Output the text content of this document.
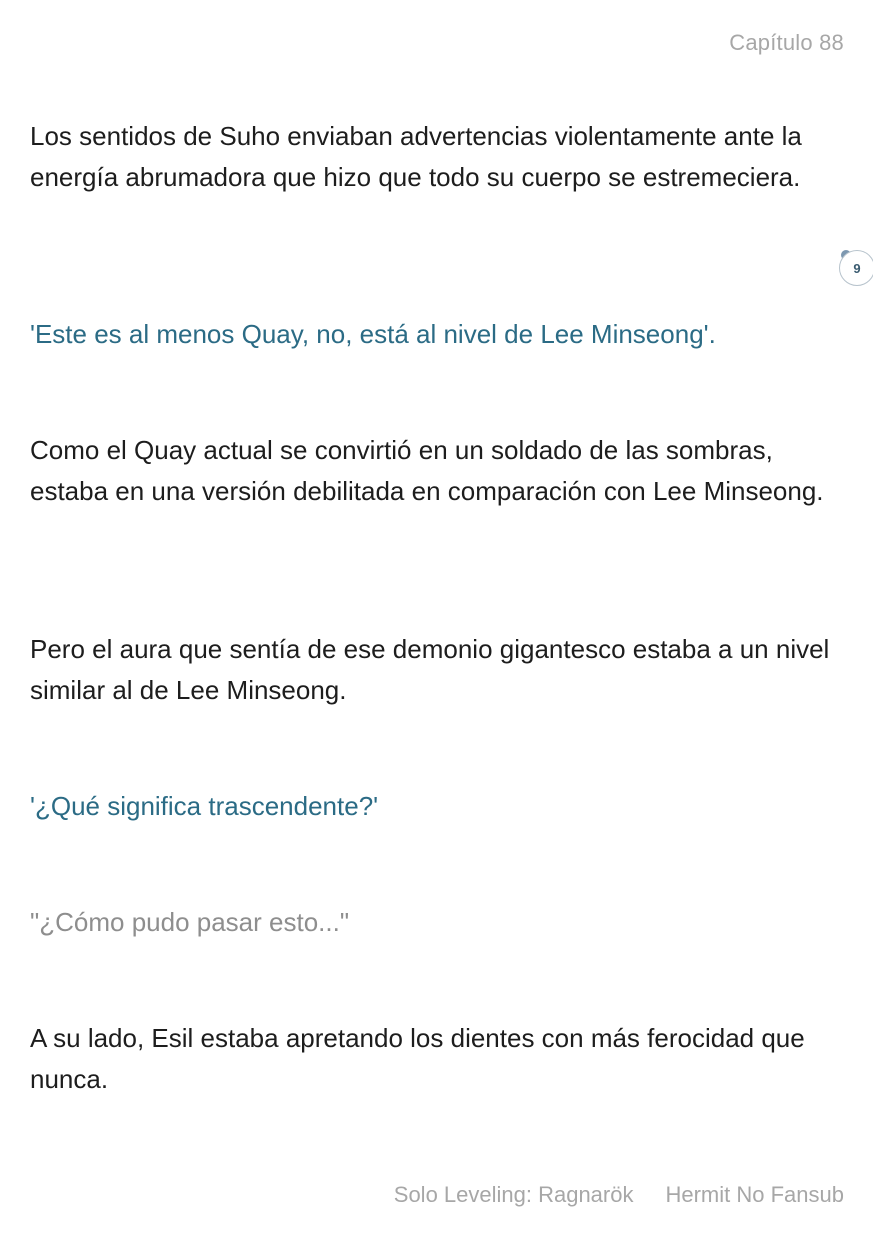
Capítulo 88

Los sentidos de Suho enviaban advertencias violentamente ante la energía abrumadora que hizo que todo su cuerpo se estremeciera.

9

'Este es al menos Quay, no, está al nivel de Lee Minseong'.

Como el Quay actual se convirtió en un soldado de las sombras, estaba en una versión debilitada en comparación con Lee Minseong.

Pero el aura que sentía de ese demonio gigantesco estaba a un nivel similar al de Lee Minseong.

'¿Qué significa trascendente?'

"¿Cómo pudo pasar esto..."

A su lado, Esil estaba apretando los dientes con más ferocidad que nunca.

Solo Leveling: Ragnarök Hermit No Fansub
